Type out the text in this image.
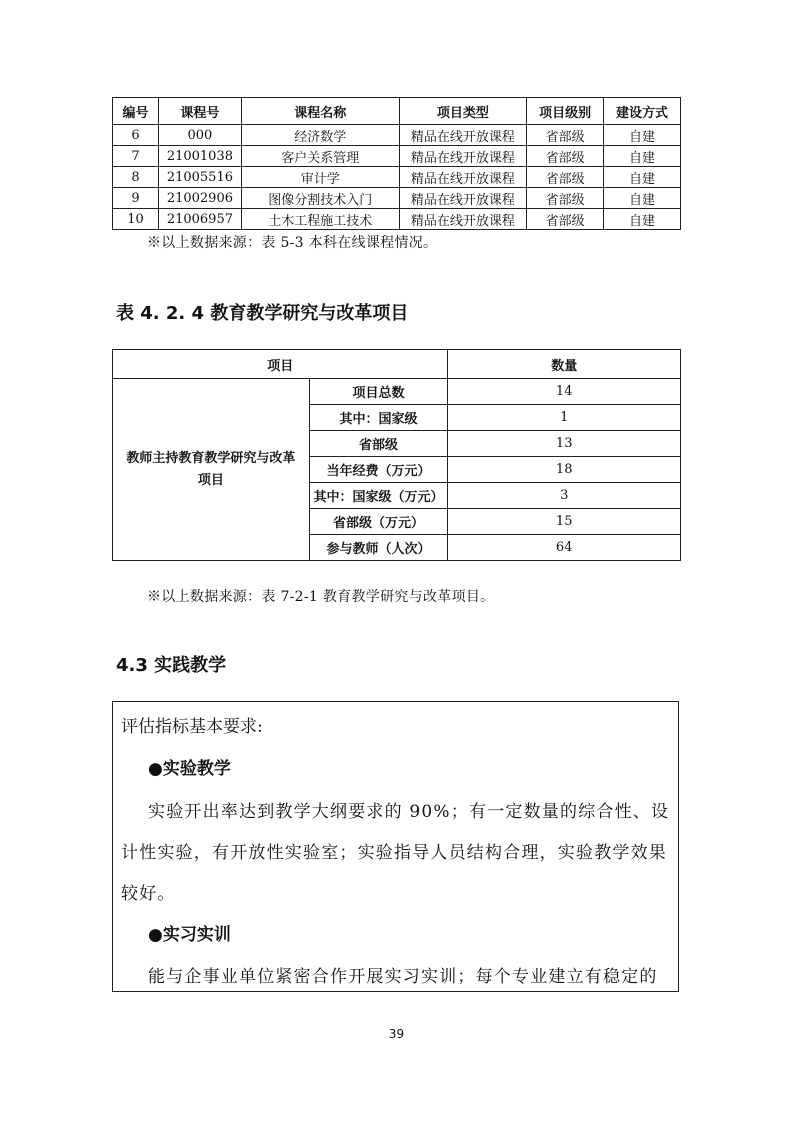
编号	课程号	课程名称	项目类型	项目级别	建设方式
6	000	经济数学	精品在线开放课程	省部级	自建
7	21001038	客户关系管理	精品在线开放课程	省部级	自建
8	21005516	审计学	精品在线开放课程	省部级	自建
9	21002906	图像分割技术入门	精品在线开放课程	省部级	自建
10	21006957	土木工程施工技术	精品在线开放课程	省部级	自建
※以上数据来源：表 5-3 本科在线课程情况。
表 4. 2. 4 教育教学研究与改革项目
项目		数量
教师主持教育教学研究与改革
项目	项目总数	14
	其中：国家级	1
	省部级	13
	当年经费（万元）	18
	其中：国家级（万元）	3
	省部级（万元）	15
	参与教师（人次）	64
※以上数据来源：表 7-2-1 教育教学研究与改革项目。
4.3 实践教学
评估指标基本要求:
●实验教学
实验开出率达到教学大纲要求的 90%；有一定数量的综合性、设
计性实验，有开放性实验室；实验指导人员结构合理，实验教学效果
较好。
●实习实训
能与企事业单位紧密合作开展实习实训；每个专业建立有稳定的
39
